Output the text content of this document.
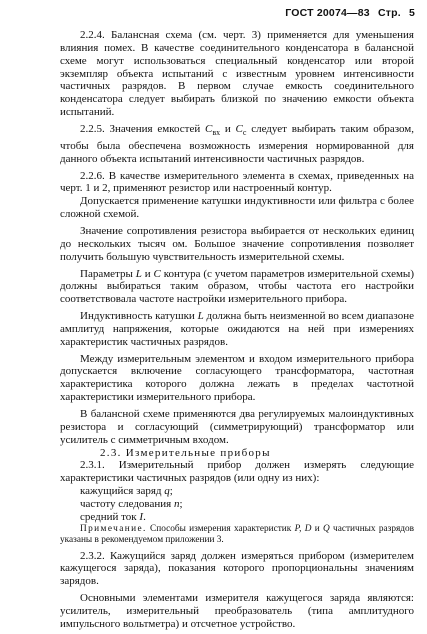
ГОСТ 20074—83 Стр. 5

2.2.4. Балансная схема (см. черт. 3) применяется для уменьшения влияния помех. В качестве соединительного конденсатора в балансной схеме могут использоваться специальный конденсатор или второй экземпляр объекта испытаний с известным уровнем интенсивности частичных разрядов. В первом случае емкость соединительного конденсатора следует выбирать близкой по значению емкости объекта испытаний.

2.2.5. Значения емкостей $C_{вх}$ и $C_с$ следует выбирать таким образом, чтобы была обеспечена возможность измерения нормированной для данного объекта испытаний интенсивности частичных разрядов.

2.2.6. В качестве измерительного элемента в схемах, приведенных на черт. 1 и 2, применяют резистор или настроенный контур.

Допускается применение катушки индуктивности или фильтра с более сложной схемой.

Значение сопротивления резистора выбирается от нескольких единиц до нескольких тысяч ом. Большое значение сопротивления позволяет получить большую чувствительность измерительной схемы.

Параметры L и C контура (с учетом параметров измерительной схемы) должны выбираться таким образом, чтобы частота его настройки соответствовала частоте настройки измерительного прибора.

Индуктивность катушки L должна быть неизменной во всем диапазоне амплитуд напряжения, которые ожидаются на ней при измерениях характеристик частичных разрядов.

Между измерительным элементом и входом измерительного прибора допускается включение согласующего трансформатора, частотная характеристика которого должна лежать в пределах частотной характеристики измерительного прибора.

В балансной схеме применяются два регулируемых малоиндуктивных резистора и согласующий (симметрирующий) трансформатор или усилитель с симметричным входом.

2.3. Измерительные приборы

2.3.1. Измерительный прибор должен измерять следующие характеристики частичных разрядов (или одну из них):

кажущийся заряд q;

частоту следования n;

средний ток I.

Примечание. Способы измерения характеристик P, D и Q частичных разрядов указаны в рекомендуемом приложении 3.

2.3.2. Кажущийся заряд должен измеряться прибором (измерителем кажущегося заряда), показания которого пропорциональны значениям зарядов.

Основными элементами измерителя кажущегося заряда являются: усилитель, измерительный преобразователь (типа амплитудного импульсного вольтметра) и отсчетное устройство.
